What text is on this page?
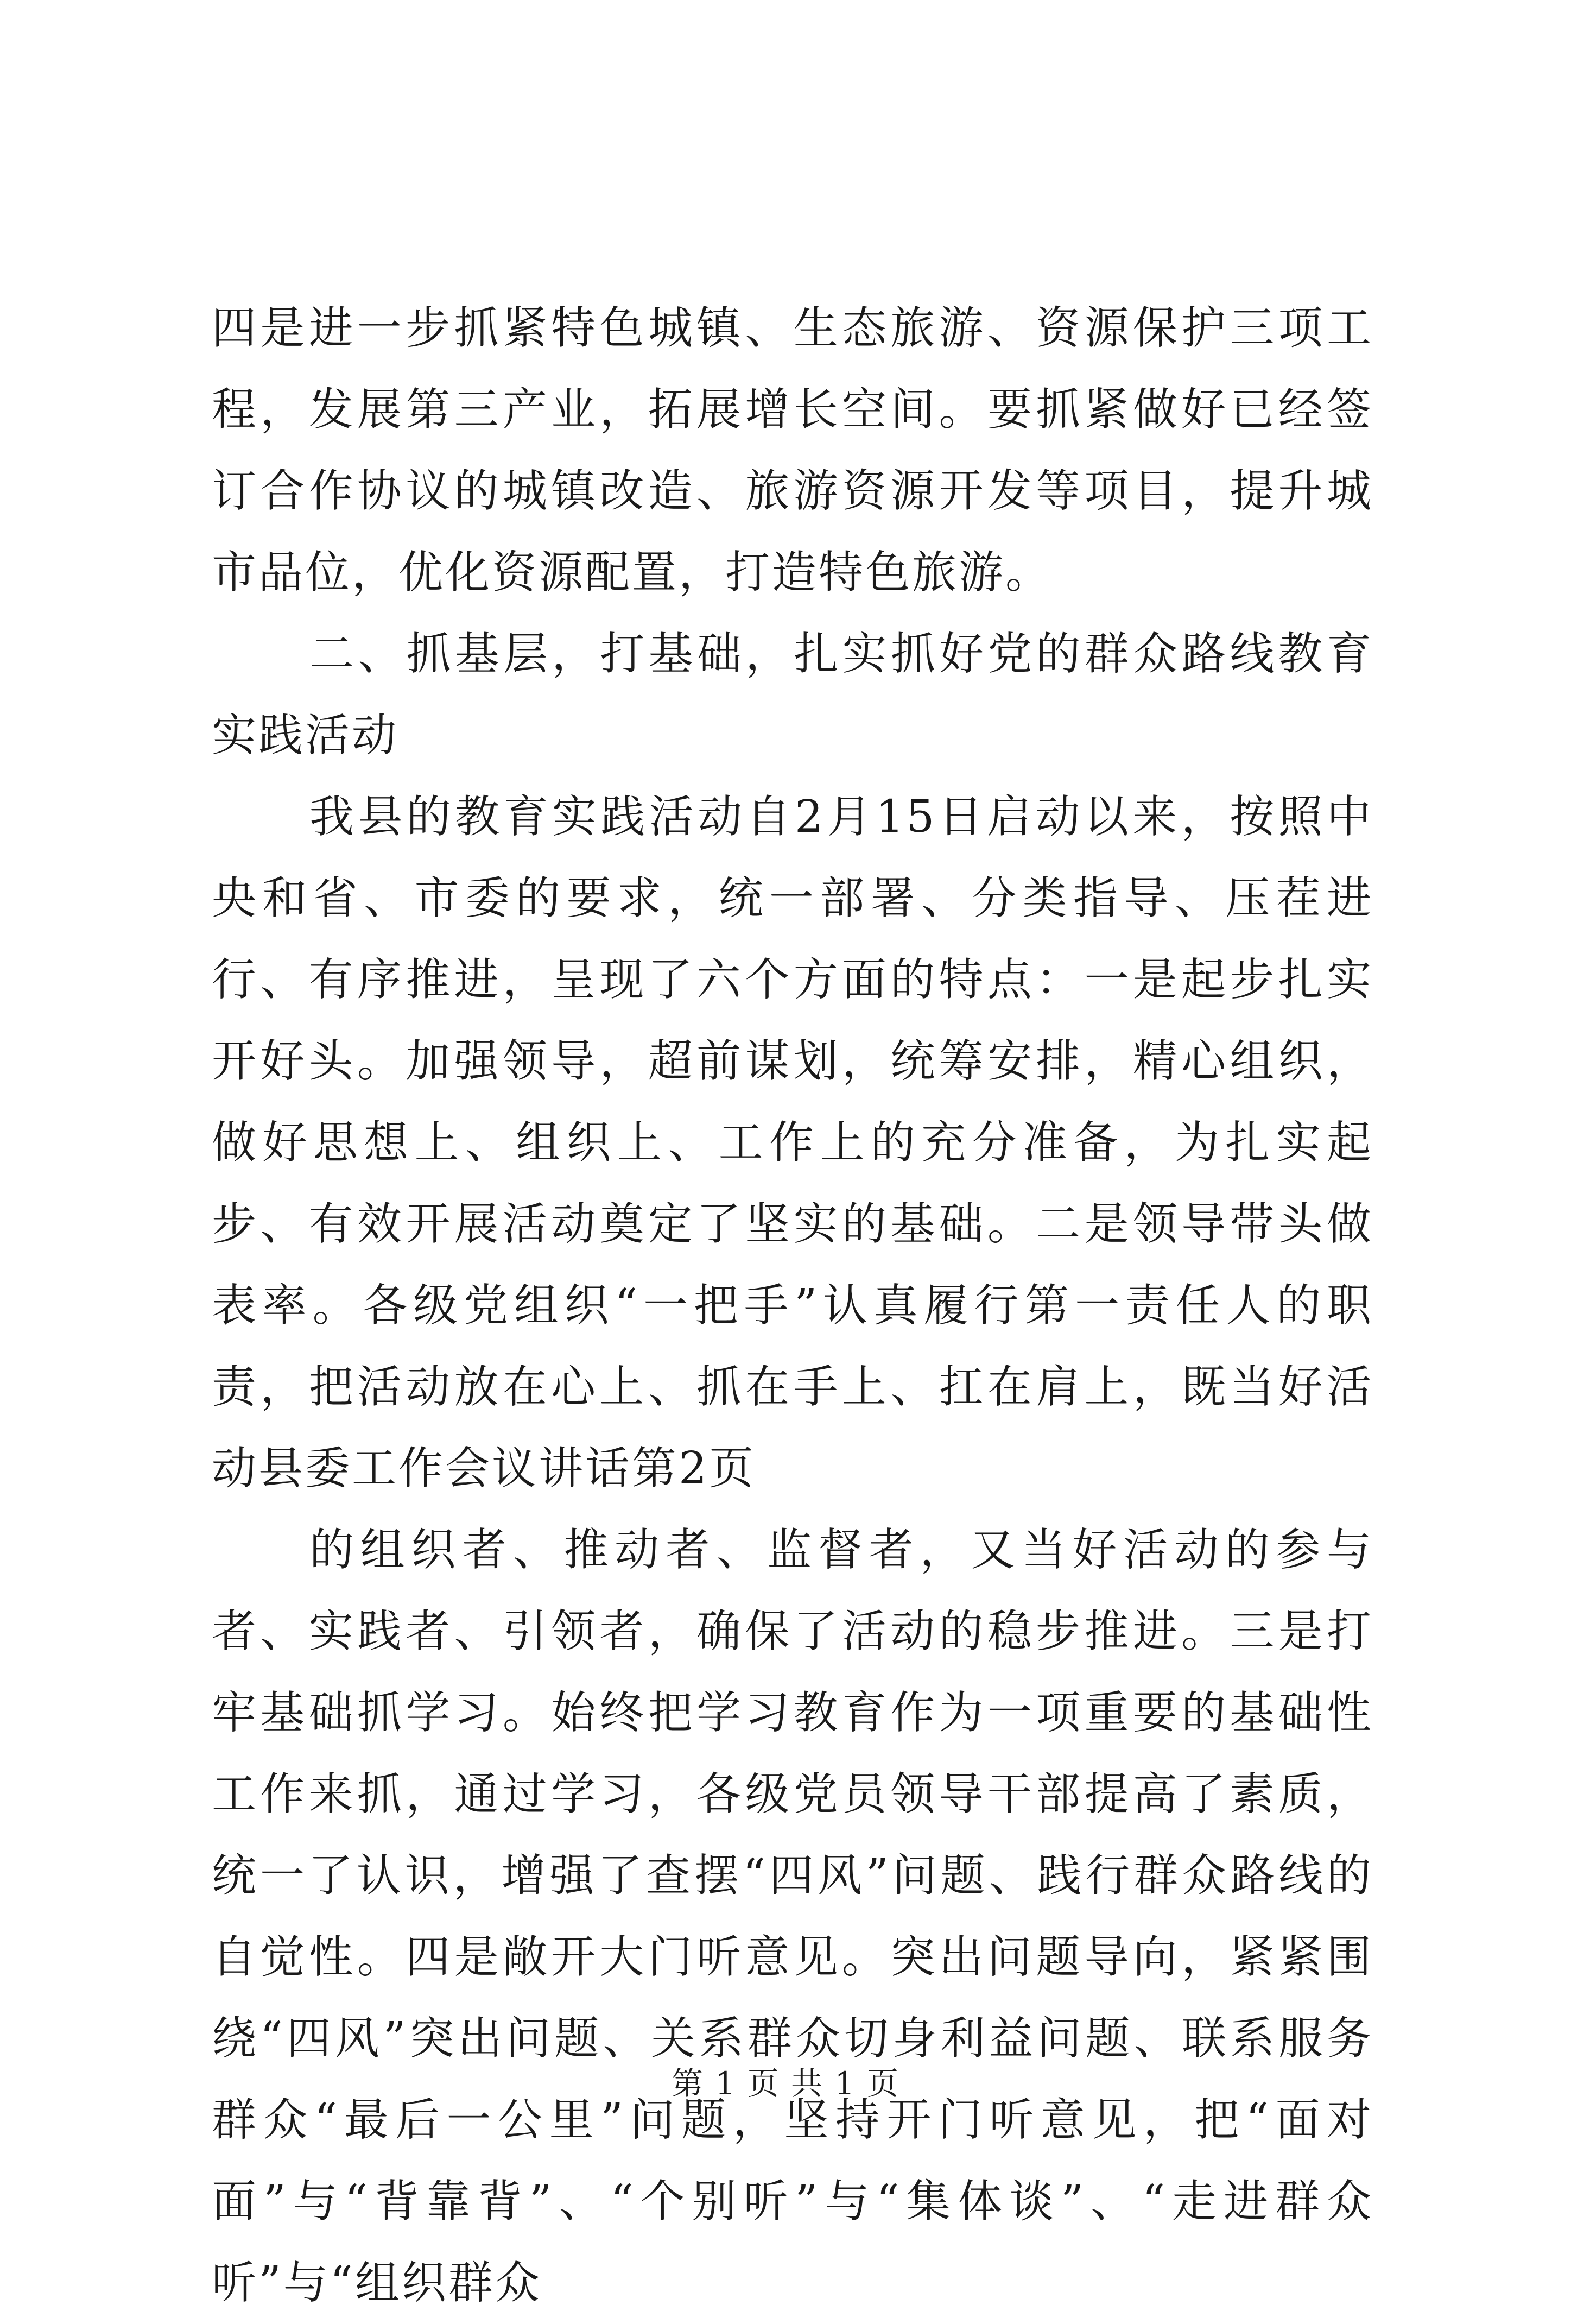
四是进一步抓紧特色城镇、生态旅游、资源保护三项工程，发展第三产业，拓展增长空间。要抓紧做好已经签订合作协议的城镇改造、旅游资源开发等项目，提升城市品位，优化资源配置，打造特色旅游。

二、抓基层，打基础，扎实抓好党的群众路线教育实践活动

我县的教育实践活动自2月15日启动以来，按照中央和省、市委的要求，统一部署、分类指导、压茬进行、有序推进，呈现了六个方面的特点：一是起步扎实开好头。加强领导，超前谋划，统筹安排，精心组织，做好思想上、组织上、工作上的充分准备，为扎实起步、有效开展活动奠定了坚实的基础。二是领导带头做表率。各级党组织“一把手”认真履行第一责任人的职责，把活动放在心上、抓在手上、扛在肩上，既当好活动县委工作会议讲话第2页

的组织者、推动者、监督者，又当好活动的参与者、实践者、引领者，确保了活动的稳步推进。三是打牢基础抓学习。始终把学习教育作为一项重要的基础性工作来抓，通过学习，各级党员领导干部提高了素质，统一了认识，增强了查摆“四风”问题、践行群众路线的自觉性。四是敞开大门听意见。突出问题导向，紧紧围绕“四风”突出问题、关系群众切身利益问题、联系服务群众“最后一公里”问题，坚持开门听意见，把“面对面”与“背靠背”、“个别听”与“集体谈”、“走进群众听”与“组织群众

第 1 页 共 1 页
